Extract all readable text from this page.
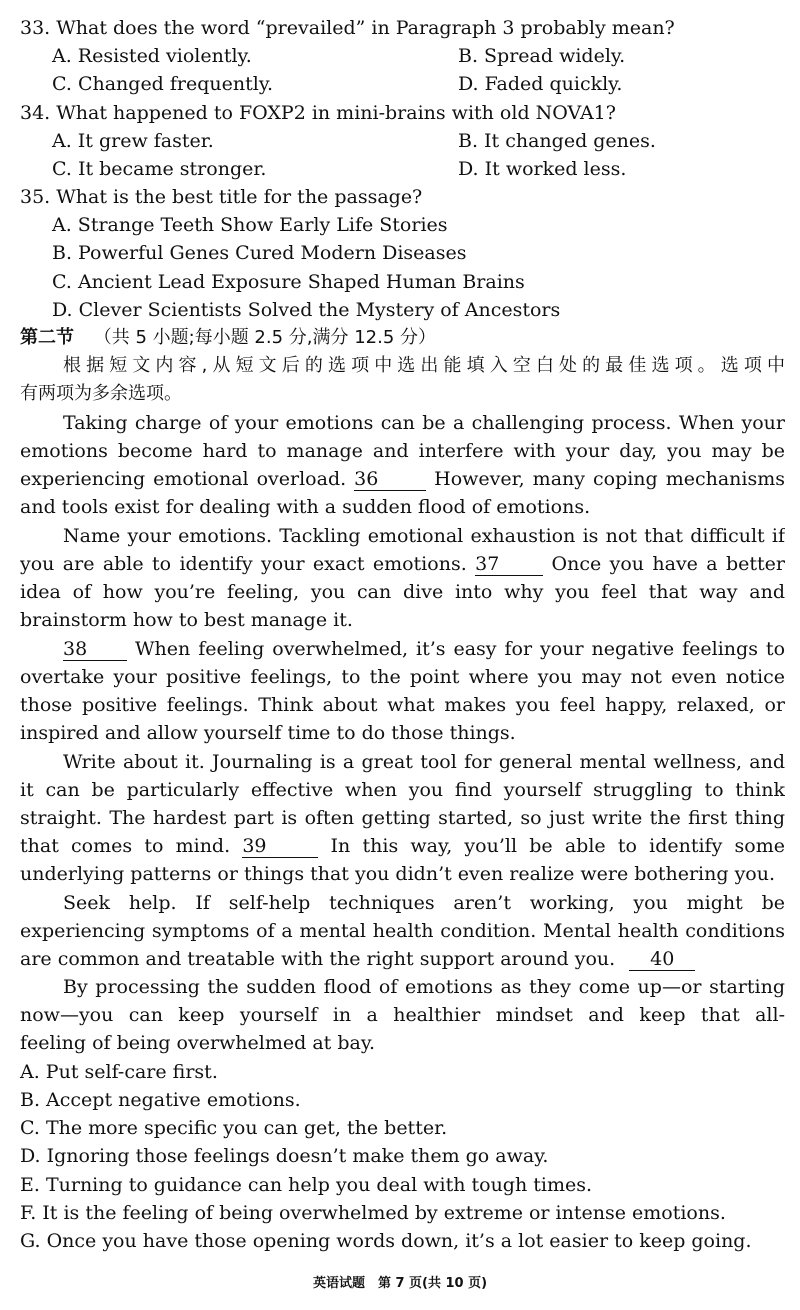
33. What does the word “prevailed” in Paragraph 3 probably mean?
A. Resisted violently.	B. Spread widely.
C. Changed frequently.	D. Faded quickly.
34. What happened to FOXP2 in mini-brains with old NOVA1?
A. It grew faster.	B. It changed genes.
C. It became stronger.	D. It worked less.
35. What is the best title for the passage?
A. Strange Teeth Show Early Life Stories
B. Powerful Genes Cured Modern Diseases
C. Ancient Lead Exposure Shaped Human Brains
D. Clever Scientists Solved the Mystery of Ancestors
第二节 （共 5 小题;每小题 2.5 分,满分 12.5 分）
根据短文内容,从短文后的选项中选出能填入空白处的最佳选项。选项中
有两项为多余选项。
Taking charge of your emotions can be a challenging process. When your
emotions become hard to manage and interfere with your day, you may be
experiencing emotional overload. 36	However, many coping mechanisms
and tools exist for dealing with a sudden flood of emotions.
Name your emotions. Tackling emotional exhaustion is not that difficult if
you are able to identify your exact emotions. 37	Once you have a better
idea of how you’re feeling, you can dive into why you feel that way and
brainstorm how to best manage it.
38	When feeling overwhelmed, it’s easy for your negative feelings to
overtake your positive feelings, to the point where you may not even notice
those positive feelings. Think about what makes you feel happy, relaxed, or
inspired and allow yourself time to do those things.
Write about it. Journaling is a great tool for general mental wellness, and
it can be particularly effective when you find yourself struggling to think
straight. The hardest part is often getting started, so just write the first thing
that comes to mind. 39	In this way, you’ll be able to identify some
underlying patterns or things that you didn’t even realize were bothering you.
Seek help. If self-help techniques aren’t working, you might be
experiencing symptoms of a mental health condition. Mental health conditions
are common and treatable with the right support around you. 40
By processing the sudden flood of emotions as they come up—or starting
now—you can keep yourself in a healthier mindset and keep that all-
feeling of being overwhelmed at bay.
A. Put self-care first.
B. Accept negative emotions.
C. The more specific you can get, the better.
D. Ignoring those feelings doesn’t make them go away.
E. Turning to guidance can help you deal with tough times.
F. It is the feeling of being overwhelmed by extreme or intense emotions.
G. Once you have those opening words down, it’s a lot easier to keep going.
英语试题　第 7 页(共 10 页)
